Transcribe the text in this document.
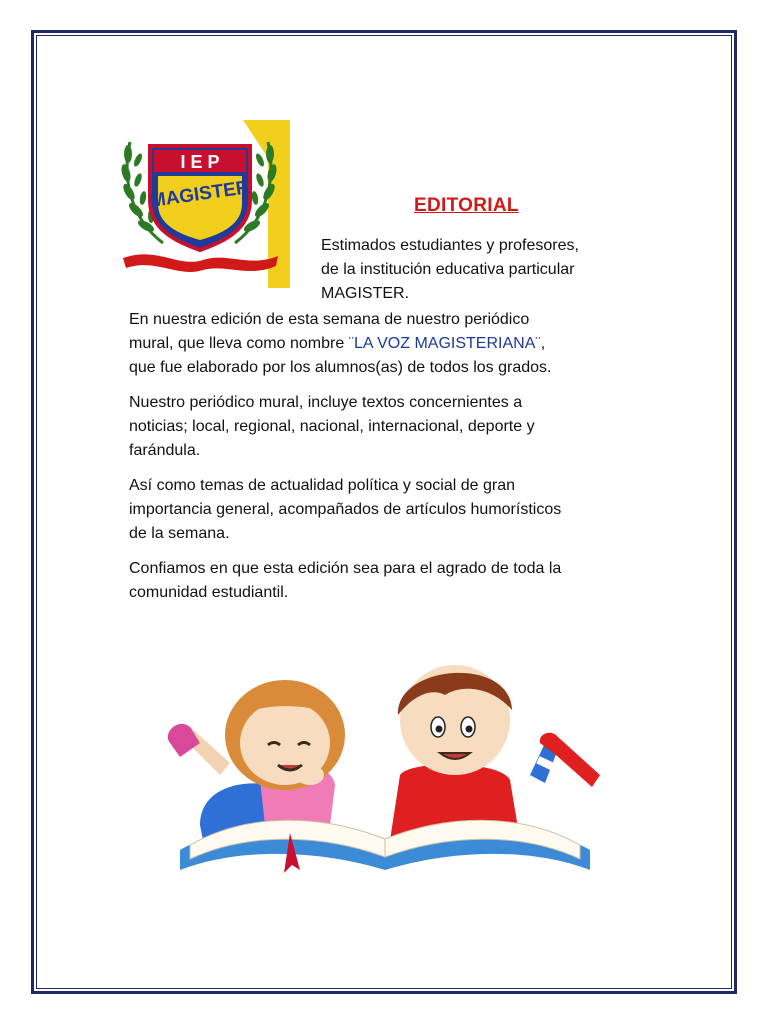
I E P
MAGISTER	EDITORIAL
Estimados estudiantes y profesores,
de la institución educativa particular
MAGISTER.

En nuestra edición de esta semana de nuestro periódico
mural, que lleva como nombre ¨LA VOZ MAGISTERIANA¨,
que fue elaborado por los alumnos(as) de todos los grados.

Nuestro periódico mural, incluye textos concernientes a
noticias; local, regional, nacional, internacional, deporte y
farándula.

Así como temas de actualidad política y social de gran
importancia general, acompañados de artículos humorísticos
de la semana.

Confiamos en que esta edición sea para el agrado de toda la
comunidad estudiantil.
